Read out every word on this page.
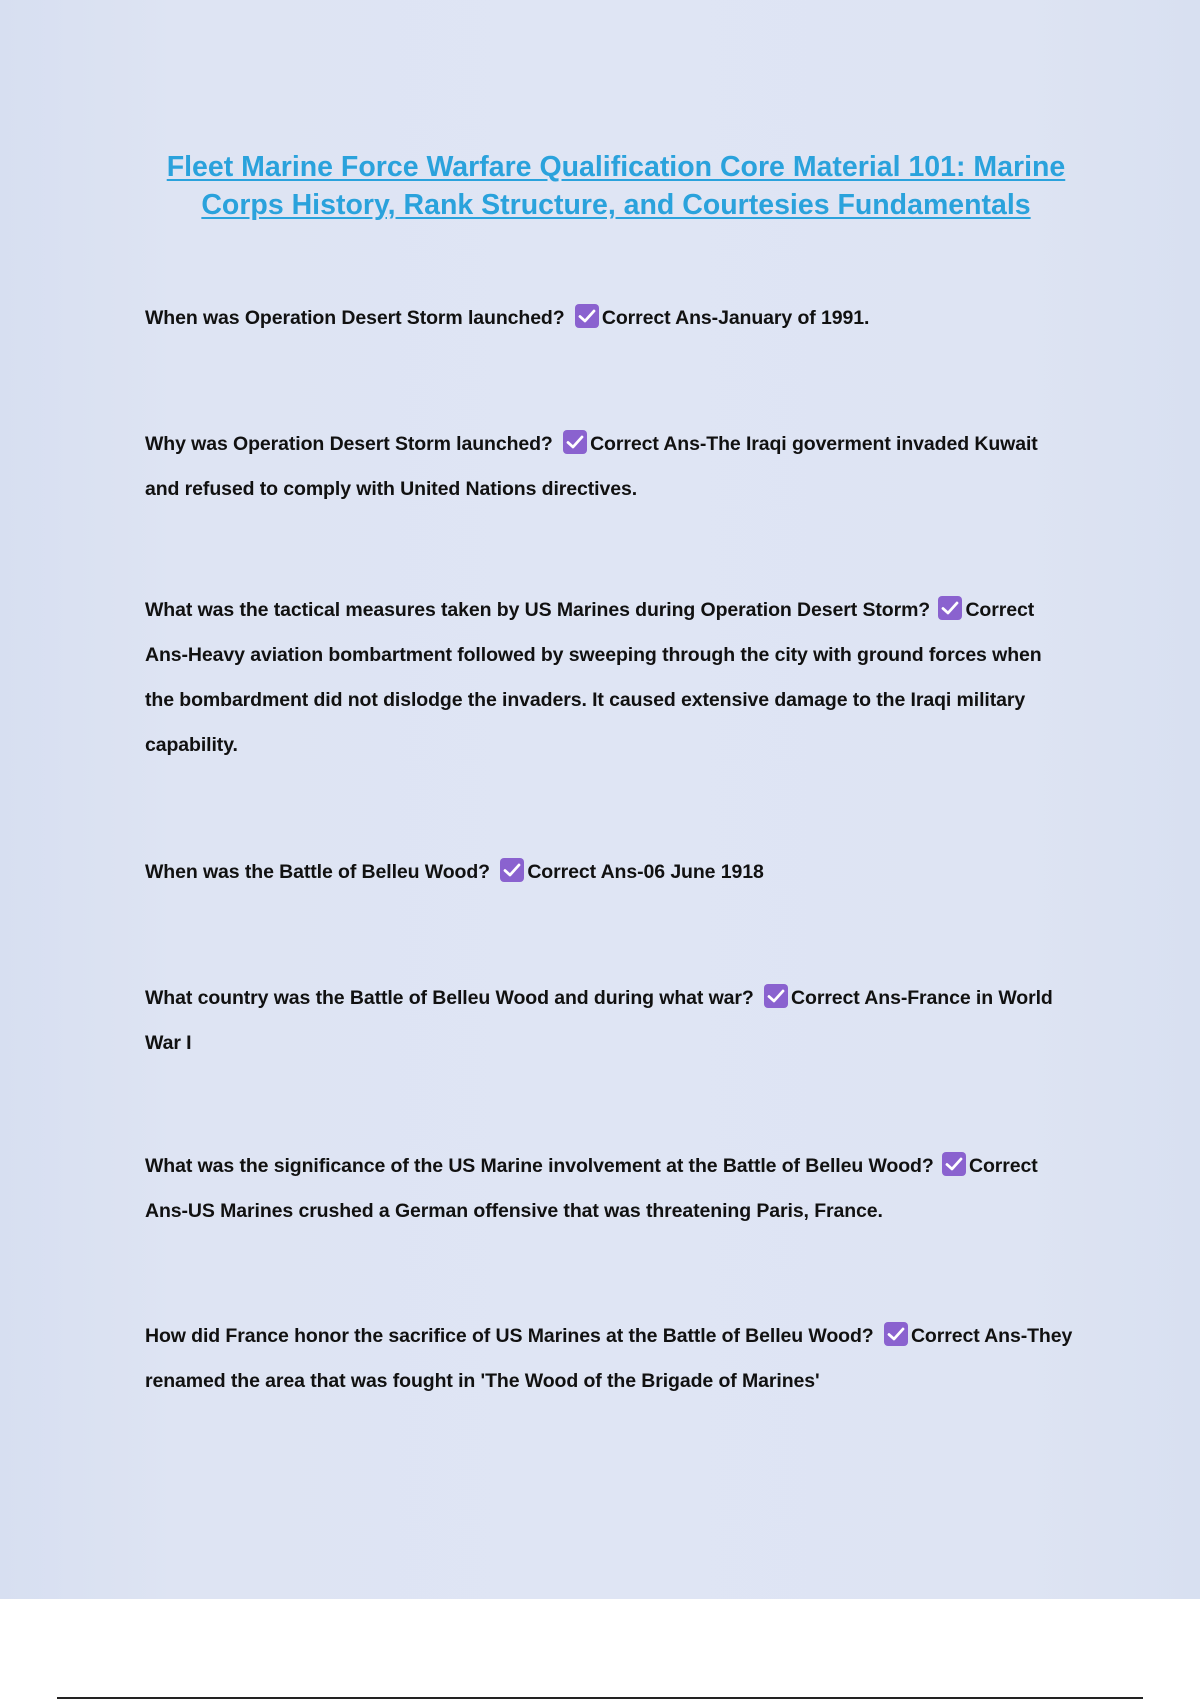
Fleet Marine Force Warfare Qualification Core Material 101: Marine Corps History, Rank Structure, and Courtesies Fundamentals
When was Operation Desert Storm launched? Correct Ans-January of 1991.
Why was Operation Desert Storm launched? Correct Ans-The Iraqi goverment invaded Kuwait and refused to comply with United Nations directives.
What was the tactical measures taken by US Marines during Operation Desert Storm? Correct Ans-Heavy aviation bombartment followed by sweeping through the city with ground forces when the bombardment did not dislodge the invaders. It caused extensive damage to the Iraqi military capability.
When was the Battle of Belleu Wood? Correct Ans-06 June 1918
What country was the Battle of Belleu Wood and during what war? Correct Ans-France in World War I
What was the significance of the US Marine involvement at the Battle of Belleu Wood? Correct Ans-US Marines crushed a German offensive that was threatening Paris, France.
How did France honor the sacrifice of US Marines at the Battle of Belleu Wood? Correct Ans-They renamed the area that was fought in 'The Wood of the Brigade of Marines'
